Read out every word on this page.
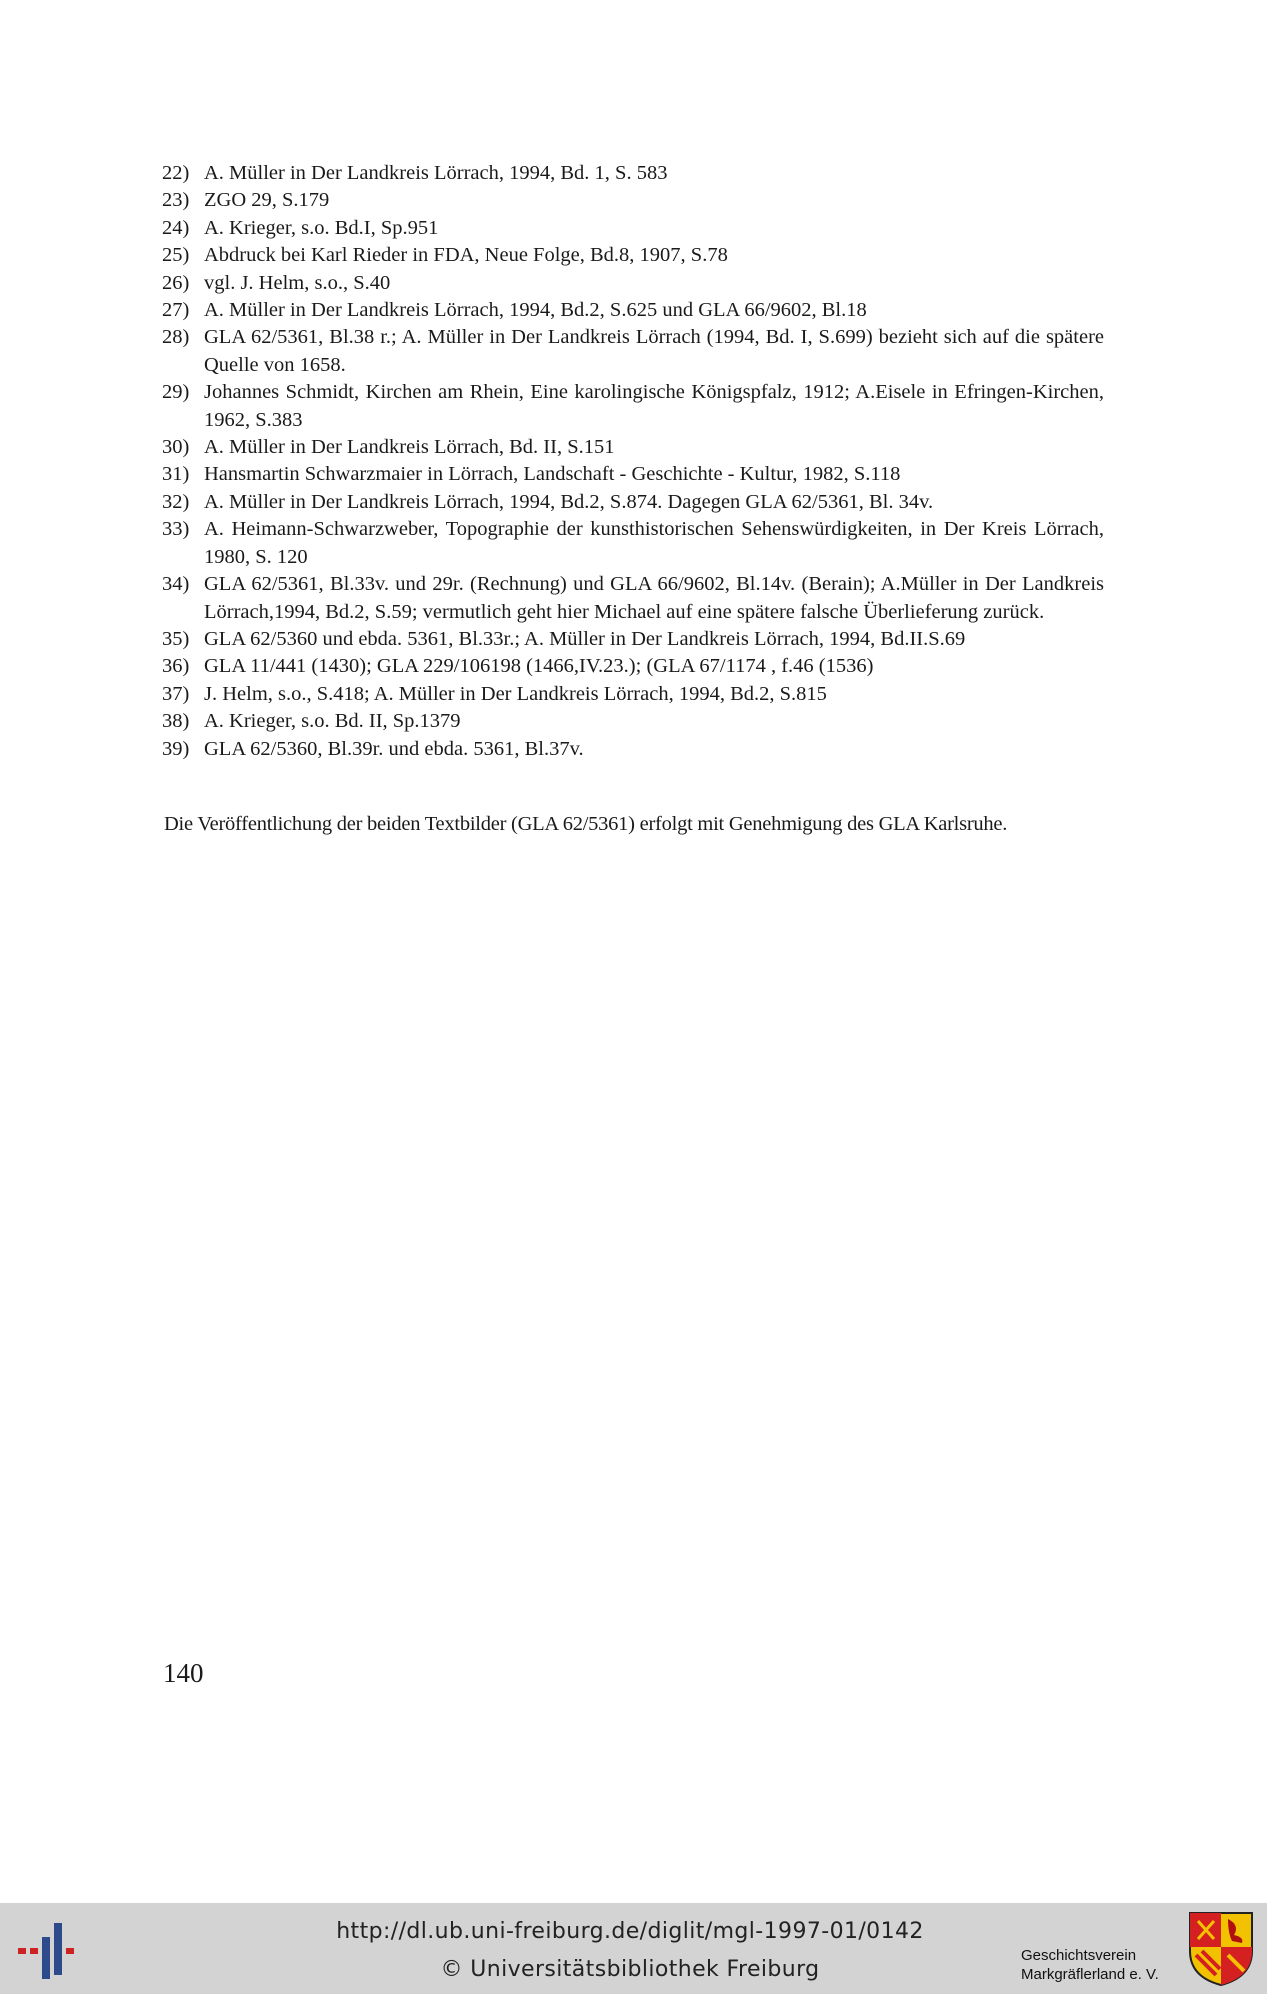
22) A. Müller in Der Landkreis Lörrach, 1994, Bd. 1, S. 583
23) ZGO 29, S.179
24) A. Krieger, s.o. Bd.I, Sp.951
25) Abdruck bei Karl Rieder in FDA, Neue Folge, Bd.8, 1907, S.78
26) vgl. J. Helm, s.o., S.40
27) A. Müller in Der Landkreis Lörrach, 1994, Bd.2, S.625 und GLA 66/9602, Bl.18
28) GLA 62/5361, Bl.38 r.; A. Müller in Der Landkreis Lörrach (1994, Bd. I, S.699) bezieht sich auf die spätere Quelle von 1658.
29) Johannes Schmidt, Kirchen am Rhein, Eine karolingische Königspfalz, 1912; A.Eisele in Efringen-Kirchen, 1962, S.383
30) A. Müller in Der Landkreis Lörrach, Bd. II, S.151
31) Hansmartin Schwarzmaier in Lörrach, Landschaft - Geschichte - Kultur, 1982, S.118
32) A. Müller in Der Landkreis Lörrach, 1994, Bd.2, S.874. Dagegen GLA 62/5361, Bl. 34v.
33) A. Heimann-Schwarzweber, Topographie der kunsthistorischen Sehenswürdigkeiten, in Der Kreis Lörrach, 1980, S. 120
34) GLA 62/5361, Bl.33v. und 29r. (Rechnung) und GLA 66/9602, Bl.14v. (Berain); A.Müller in Der Landkreis Lörrach,1994, Bd.2, S.59; vermutlich geht hier Michael auf eine spätere falsche Überlieferung zurück.
35) GLA 62/5360 und ebda. 5361, Bl.33r.; A. Müller in Der Landkreis Lörrach, 1994, Bd.II.S.69
36) GLA 11/441 (1430); GLA 229/106198 (1466,IV.23.); (GLA 67/1174 , f.46 (1536)
37) J. Helm, s.o., S.418; A. Müller in Der Landkreis Lörrach, 1994, Bd.2, S.815
38) A. Krieger, s.o. Bd. II, Sp.1379
39) GLA 62/5360, Bl.39r. und ebda. 5361, Bl.37v.
Die Veröffentlichung der beiden Textbilder (GLA 62/5361) erfolgt mit Genehmigung des GLA Karlsruhe.
140
http://dl.ub.uni-freiburg.de/diglit/mgl-1997-01/0142
© Universitätsbibliothek Freiburg
Geschichtsverein
Markgräflerland e. V.
